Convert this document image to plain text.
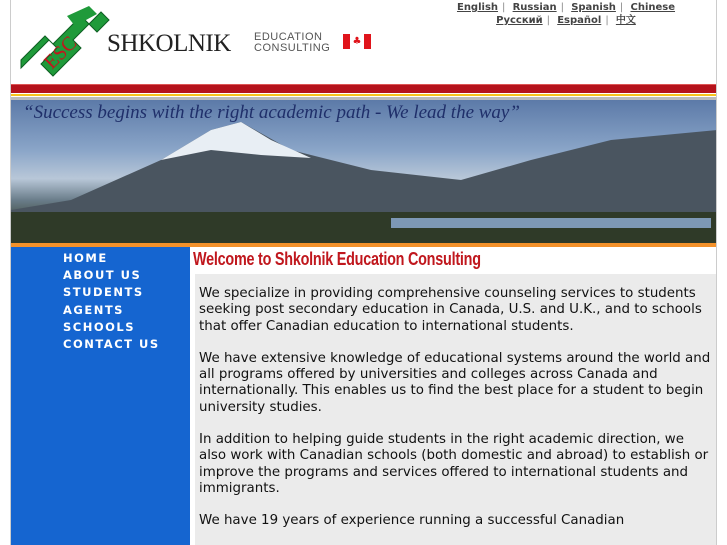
ESC SHKOLNIK EDUCATION
CONSULTING
♣
English | Russian | Spanish | Chinese
Русский | Español | 中文
“Success begins with the right academic path - We lead the way”
HOME
ABOUT US
STUDENTS
AGENTS
SCHOOLS
CONTACT US
Welcome to Shkolnik Education Consulting

We specialize in providing comprehensive counseling services to students seeking post secondary education in Canada, U.S. and U.K., and to schools that offer Canadian education to international students.

We have extensive knowledge of educational systems around the world and all programs offered by universities and colleges across Canada and internationally. This enables us to find the best place for a student to begin university studies.

In addition to helping guide students in the right academic direction, we also work with Canadian schools (both domestic and abroad) to establish or improve the programs and services offered to international students and immigrants.

We have 19 years of experience running a successful Canadian
